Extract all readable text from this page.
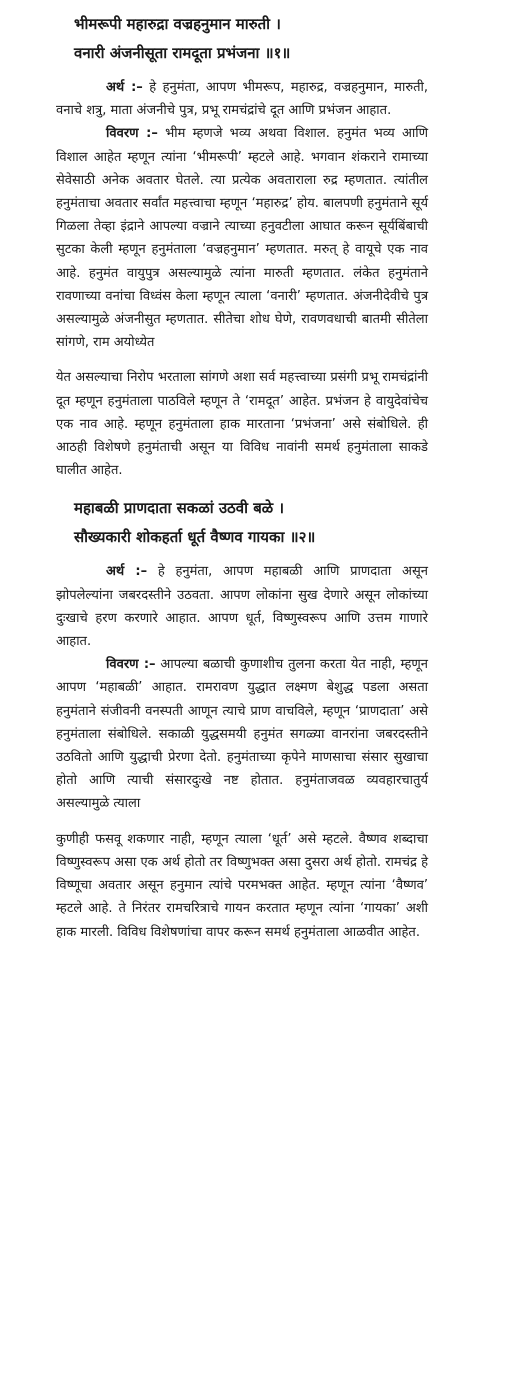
भीमरूपी महारुद्रा वज्रहनुमान मारुती ।
वनारी अंजनीसूता रामदूता प्रभंजना ॥१॥

अर्थ :– हे हनुमंता, आपण भीमरूप, महारुद्र, वज्रहनुमान, मारुती, वनाचे शत्रु, माता अंजनीचे पुत्र, प्रभू रामचंद्रांचे दूत आणि प्रभंजन आहात.

विवरण :– भीम म्हणजे भव्य अथवा विशाल. हनुमंत भव्य आणि विशाल आहेत म्हणून त्यांना ‘भीमरूपी’ म्हटले आहे. भगवान शंकराने रामाच्या सेवेसाठी अनेक अवतार घेतले. त्या प्रत्येक अवताराला रुद्र म्हणतात. त्यांतील हनुमंताचा अवतार सर्वांत महत्त्वाचा म्हणून ‘महारुद्र’ होय. बालपणी हनुमंताने सूर्य गिळला तेव्हा इंद्राने आपल्या वज्राने त्याच्या हनुवटीला आघात करून सूर्यबिंबाची सुटका केली म्हणून हनुमंताला ‘वज्रहनुमान’ म्हणतात. मरुत् हे वायूचे एक नाव आहे. हनुमंत वायुपुत्र असल्यामुळे त्यांना मारुती म्हणतात. लंकेत हनुमंताने रावणाच्या वनांचा विध्वंस केला म्हणून त्याला ‘वनारी’ म्हणतात. अंजनीदेवीचे पुत्र असल्यामुळे अंजनीसुत म्हणतात. सीतेचा शोध घेणे, रावणवधाची बातमी सीतेला सांगणे, राम अयोध्येत

येत असल्याचा निरोप भरताला सांगणे अशा सर्व महत्त्वाच्या प्रसंगी प्रभू रामचंद्रांनी दूत म्हणून हनुमंताला पाठविले म्हणून ते ‘रामदूत’ आहेत. प्रभंजन हे वायुदेवांचेच एक नाव आहे. म्हणून हनुमंताला हाक मारताना ‘प्रभंजना’ असे संबोधिले. ही आठही विशेषणे हनुमंताची असून या विविध नावांनी समर्थ हनुमंताला साकडे घालीत आहेत.

महाबळी प्राणदाता सकळां उठवी बळे ।
सौख्यकारी शोकहर्ता धूर्त वैष्णव गायका ॥२॥

अर्थ :– हे हनुमंता, आपण महाबळी आणि प्राणदाता असून झोपलेल्यांना जबरदस्तीने उठवता. आपण लोकांना सुख देणारे असून लोकांच्या दुःखाचे हरण करणारे आहात. आपण धूर्त, विष्णुस्वरूप आणि उत्तम गाणारे आहात.

विवरण :– आपल्या बळाची कुणाशीच तुलना करता येत नाही, म्हणून आपण ‘महाबळी’ आहात. रामरावण युद्धात लक्ष्मण बेशुद्ध पडला असता हनुमंताने संजीवनी वनस्पती आणून त्याचे प्राण वाचविले, म्हणून ‘प्राणदाता’ असे हनुमंताला संबोधिले. सकाळी युद्धसमयी हनुमंत सगळ्या वानरांना जबरदस्तीने उठवितो आणि युद्धाची प्रेरणा देतो. हनुमंताच्या कृपेने माणसाचा संसार सुखाचा होतो आणि त्याची संसारदुःखे नष्ट होतात. हनुमंताजवळ व्यवहारचातुर्य असल्यामुळे त्याला

कुणीही फसवू शकणार नाही, म्हणून त्याला ‘धूर्त’ असे म्हटले. वैष्णव शब्दाचा विष्णुस्वरूप असा एक अर्थ होतो तर विष्णुभक्त असा दुसरा अर्थ होतो. रामचंद्र हे विष्णूचा अवतार असून हनुमान त्यांचे परमभक्त आहेत. म्हणून त्यांना ‘वैष्णव’ म्हटले आहे. ते निरंतर रामचरित्राचे गायन करतात म्हणून त्यांना ‘गायका’ अशी हाक मारली. विविध विशेषणांचा वापर करून समर्थ हनुमंताला आळवीत आहेत.
